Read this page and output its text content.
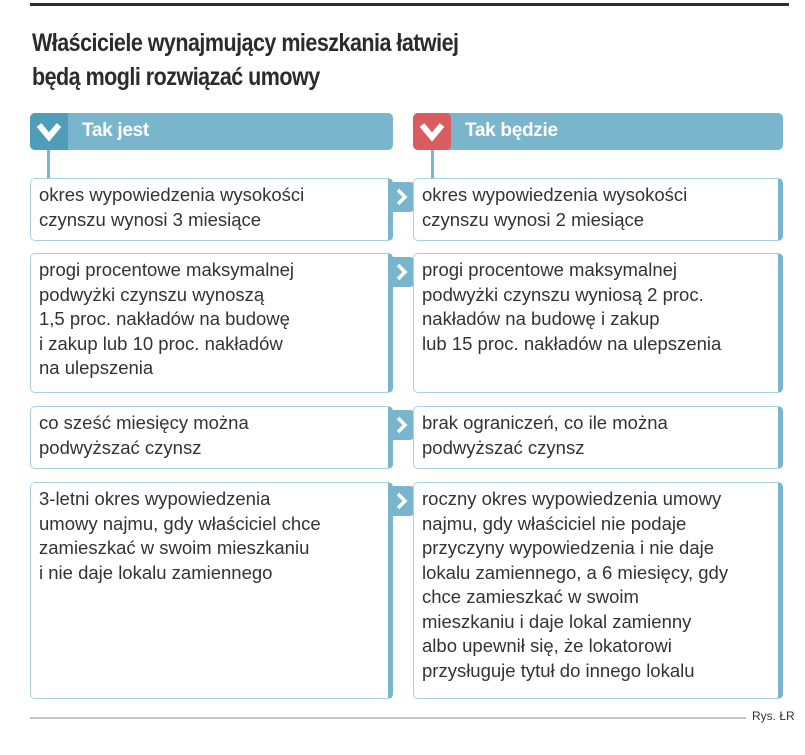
Właściciele wynajmujący mieszkania łatwiej
będą mogli rozwiązać umowy
Tak jest	Tak będzie
okres wypowiedzenia wysokości
czynszu wynosi 3 miesiące
okres wypowiedzenia wysokości
czynszu wynosi 2 miesiące
progi procentowe maksymalnej
podwyżki czynszu wynoszą
1,5 proc. nakładów na budowę
i zakup lub 10 proc. nakładów
na ulepszenia
progi procentowe maksymalnej
podwyżki czynszu wyniosą 2 proc.
nakładów na budowę i zakup
lub 15 proc. nakładów na ulepszenia
co sześć miesięcy można
podwyższać czynsz
brak ograniczeń, co ile można
podwyższać czynsz
3-letni okres wypowiedzenia
umowy najmu, gdy właściciel chce
zamieszkać w swoim mieszkaniu
i nie daje lokalu zamiennego
roczny okres wypowiedzenia umowy
najmu, gdy właściciel nie podaje
przyczyny wypowiedzenia i nie daje
lokalu zamiennego, a 6 miesięcy, gdy
chce zamieszkać w swoim
mieszkaniu i daje lokal zamienny
albo upewnił się, że lokatorowi
przysługuje tytuł do innego lokalu
Rys. ŁR
